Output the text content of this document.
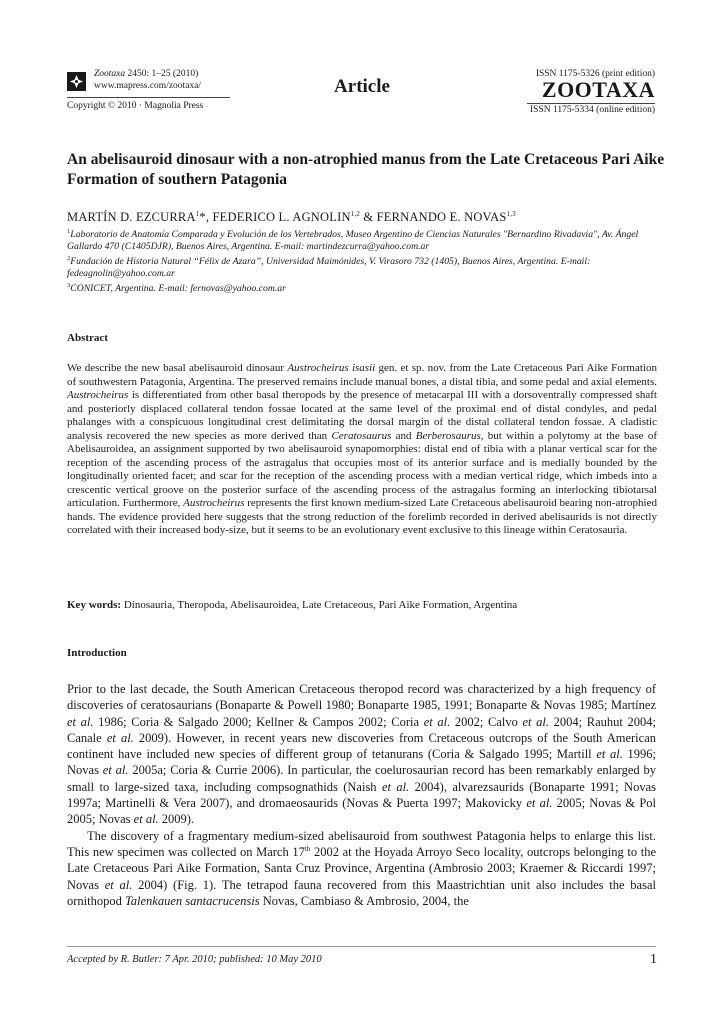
Zootaxa 2450: 1–25 (2010)
www.mapress.com/zootaxa/
Copyright © 2010 · Magnolia Press
Article
ISSN 1175-5326 (print edition)
ZOOTAXA
ISSN 1175-5334 (online edition)
An abelisauroid dinosaur with a non-atrophied manus from the Late Cretaceous Pari Aike Formation of southern Patagonia
MARTÍN D. EZCURRA$^1$*, FEDERICO L. AGNOLIN$^{1,2}$ & FERNANDO E. NOVAS$^{1,3}$
$^1$Laboratorio de Anatomía Comparada y Evolución de los Vertebrados, Museo Argentino de Ciencias Naturales "Bernardino Rivadavia", Av. Ángel Gallardo 470 (C1405DJR), Buenos Aires, Argentina. E-mail: martindezcurra@yahoo.com.ar
$^2$Fundación de Historia Natural “Félix de Azara”, Universidad Maimónides, V. Virasoro 732 (1405), Buenos Aires, Argentina. E-mail: fedeagnolin@yahoo.com.ar
$^3$CONICET, Argentina. E-mail: fernovas@yahoo.com.ar
Abstract
We describe the new basal abelisauroid dinosaur Austrocheirus isasii gen. et sp. nov. from the Late Cretaceous Pari Aike Formation of southwestern Patagonia, Argentina. The preserved remains include manual bones, a distal tibia, and some pedal and axial elements. Austrocheirus is differentiated from other basal theropods by the presence of metacarpal III with a dorsoventrally compressed shaft and posteriorly displaced collateral tendon fossae located at the same level of the proximal end of distal condyles, and pedal phalanges with a conspicuous longitudinal crest delimitating the dorsal margin of the distal collateral tendon fossae. A cladistic analysis recovered the new species as more derived than Ceratosaurus and Berberosaurus, but within a polytomy at the base of Abelisauroidea, an assignment supported by two abelisauroid synapomorphies: distal end of tibia with a planar vertical scar for the reception of the ascending process of the astragalus that occupies most of its anterior surface and is medially bounded by the longitudinally oriented facet; and scar for the reception of the ascending process with a median vertical ridge, which imbeds into a crescentic vertical groove on the posterior surface of the ascending process of the astragalus forming an interlocking tibiotarsal articulation. Furthermore, Austrocheirus represents the first known medium-sized Late Cretaceous abelisauroid bearing non-atrophied hands. The evidence provided here suggests that the strong reduction of the forelimb recorded in derived abelisaurids is not directly correlated with their increased body-size, but it seems to be an evolutionary event exclusive to this lineage within Ceratosauria.
Key words: Dinosauria, Theropoda, Abelisauroidea, Late Cretaceous, Pari Aike Formation, Argentina
Introduction

Prior to the last decade, the South American Cretaceous theropod record was characterized by a high frequency of discoveries of ceratosaurians (Bonaparte & Powell 1980; Bonaparte 1985, 1991; Bonaparte & Novas 1985; Martínez et al. 1986; Coria & Salgado 2000; Kellner & Campos 2002; Coria et al. 2002; Calvo et al. 2004; Rauhut 2004; Canale et al. 2009). However, in recent years new discoveries from Cretaceous outcrops of the South American continent have included new species of different group of tetanurans (Coria & Salgado 1995; Martill et al. 1996; Novas et al. 2005a; Coria & Currie 2006). In particular, the coelurosaurian record has been remarkably enlarged by small to large-sized taxa, including compsognathids (Naish et al. 2004), alvarezsaurids (Bonaparte 1991; Novas 1997a; Martinelli & Vera 2007), and dromaeosaurids (Novas & Puerta 1997; Makovicky et al. 2005; Novas & Pol 2005; Novas et al. 2009).

The discovery of a fragmentary medium-sized abelisauroid from southwest Patagonia helps to enlarge this list. This new specimen was collected on March 17th 2002 at the Hoyada Arroyo Seco locality, outcrops belonging to the Late Cretaceous Pari Aike Formation, Santa Cruz Province, Argentina (Ambrosio 2003; Kraemer & Riccardi 1997; Novas et al. 2004) (Fig. 1). The tetrapod fauna recovered from this Maastrichtian unit also includes the basal ornithopod Talenkauen santacrucensis Novas, Cambiaso & Ambrosio, 2004, the

Accepted by R. Butler: 7 Apr. 2010; published: 10 May 2010	1
